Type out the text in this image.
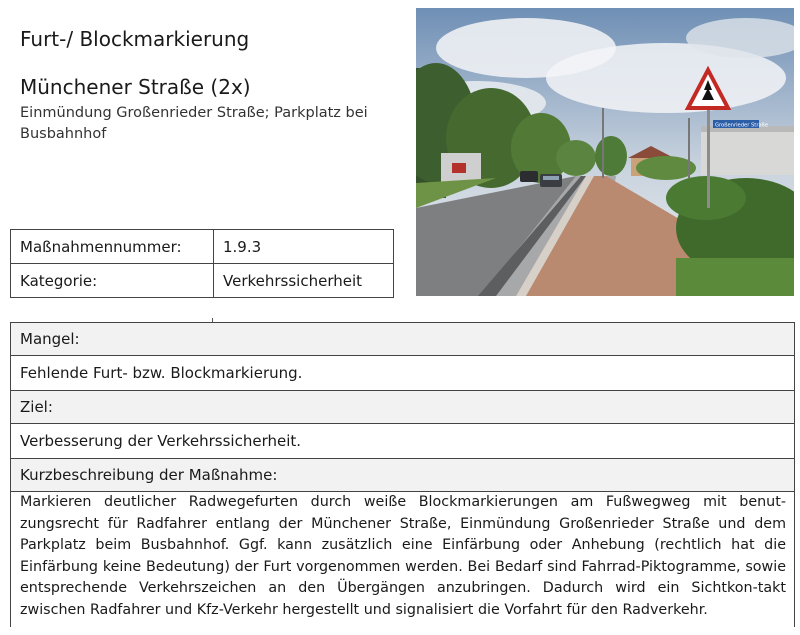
Furt-/ Blockmarkierung
Münchener Straße (2x)
Einmündung Großenrieder Straße; Parkplatz bei Busbahnhof
Maßnahmennummer:	1.9.3
Kategorie:	Verkehrssicherheit
Großenrieder Straße
Mangel:
Fehlende Furt- bzw. Blockmarkierung.
Ziel:
Verbesserung der Verkehrssicherheit.
Kurzbeschreibung der Maßnahme:
Markieren deutlicher Radwegefurten durch weiße Blockmarkierungen am Fußwegweg mit benut-zungsrecht für Radfahrer entlang der Münchener Straße, Einmündung Großenrieder Straße und dem Parkplatz beim Busbahnhof. Ggf. kann zusätzlich eine Einfärbung oder Anhebung (rechtlich hat die Einfärbung keine Bedeutung) der Furt vorgenommen werden. Bei Bedarf sind Fahrrad-Piktogramme, sowie entsprechende Verkehrszeichen an den Übergängen anzubringen. Dadurch wird ein Sichtkon-takt zwischen Radfahrer und Kfz-Verkehr hergestellt und signalisiert die Vorfahrt für den Radverkehr.
